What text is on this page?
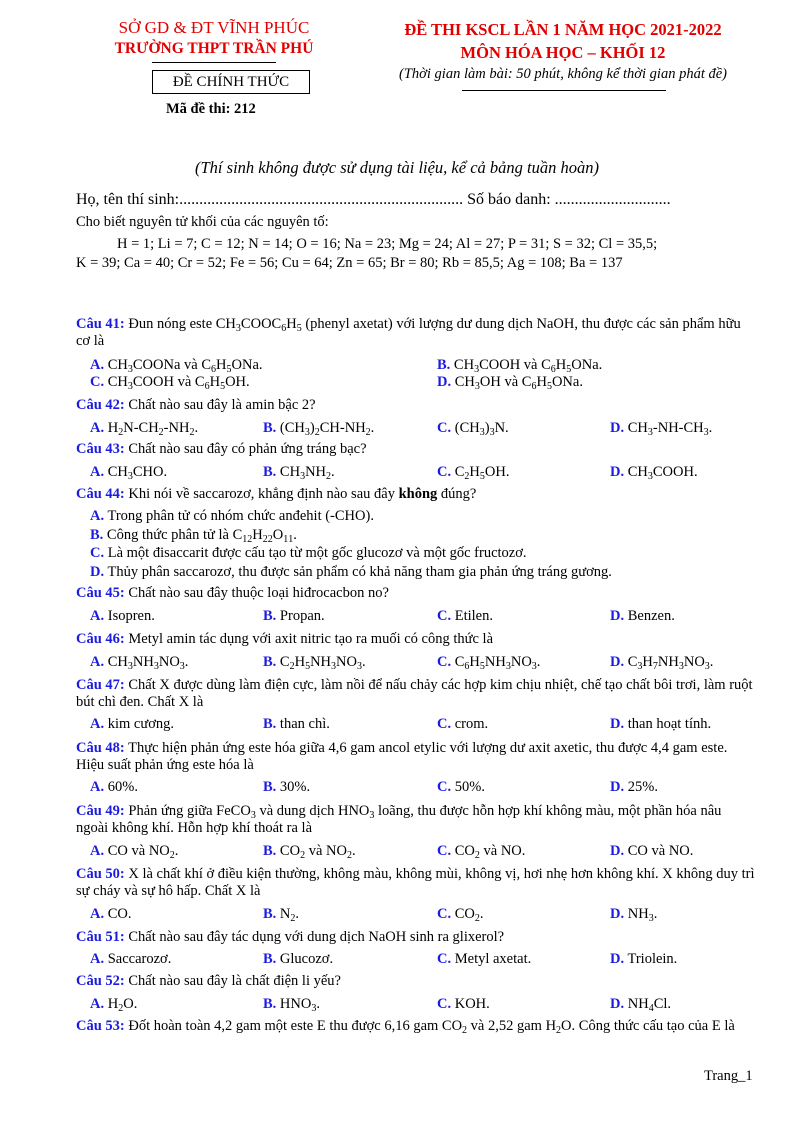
SỞ GD & ĐT VĨNH PHÚC
TRƯỜNG THPT TRẦN PHÚ
ĐỀ CHÍNH THỨC
Mã đề thi: 212
ĐỀ THI KSCL LẦN 1 NĂM HỌC 2021-2022
MÔN HÓA HỌC – KHỐI 12
(Thời gian làm bài: 50 phút, không kể thời gian phát đề)
(Thí sinh không được sử dụng tài liệu, kể cả bảng tuần hoàn)
Họ, tên thí sinh:....................................................................... Số báo danh: .............................
Cho biết nguyên tử khối của các nguyên tố:
H = 1; Li = 7; C = 12; N = 14; O = 16; Na = 23; Mg = 24; Al = 27; P = 31; S = 32; Cl = 35,5;
K = 39; Ca = 40; Cr = 52; Fe = 56; Cu = 64; Zn = 65; Br = 80; Rb = 85,5; Ag = 108; Ba = 137
Câu 41: Đun nóng este $CH_3COOC_6H_5$ (phenyl axetat) với lượng dư dung dịch NaOH, thu được các sản phẩm hữu cơ là
A. $CH_3COONa$ và $C_6H_5ONa$.	B. $CH_3COOH$ và $C_6H_5ONa$.
C. $CH_3COOH$ và $C_6H_5OH$.	D. $CH_3OH$ và $C_6H_5ONa$.
Câu 42: Chất nào sau đây là amin bậc 2?
A. $H_2N-CH_2-NH_2$.	B. $(CH_3)_2CH-NH_2$.	C. $(CH_3)_3N$.	D. $CH_3-NH-CH_3$.
Câu 43: Chất nào sau đây có phản ứng tráng bạc?
A. $CH_3CHO$.	B. $CH_3NH_2$.	C. $C_2H_5OH$.	D. $CH_3COOH$.
Câu 44: Khi nói về saccarozơ, khẳng định nào sau đây không đúng?
A. Trong phân tử có nhóm chức anđehit (-CHO).
B. Công thức phân tử là $C_{12}H_{22}O_{11}$.
C. Là một đisaccarit được cấu tạo từ một gốc glucozơ và một gốc fructozơ.
D. Thủy phân saccarozơ, thu được sản phẩm có khả năng tham gia phản ứng tráng gương.
Câu 45: Chất nào sau đây thuộc loại hiđrocacbon no?
A. Isopren.	B. Propan.	C. Etilen.	D. Benzen.
Câu 46: Metyl amin tác dụng với axit nitric tạo ra muối có công thức là
A. $CH_3NH_3NO_3$.	B. $C_2H_5NH_3NO_3$.	C. $C_6H_5NH_3NO_3$.	D. $C_3H_7NH_3NO_3$.
Câu 47: Chất X được dùng làm điện cực, làm nồi để nấu chảy các hợp kim chịu nhiệt, chế tạo chất bôi trơi, làm ruột bút chì đen. Chất X là
A. kim cương.	B. than chì.	C. crom.	D. than hoạt tính.
Câu 48: Thực hiện phản ứng este hóa giữa 4,6 gam ancol etylic với lượng dư axit axetic, thu được 4,4 gam este. Hiệu suất phản ứng este hóa là
A. 60%.	B. 30%.	C. 50%.	D. 25%.
Câu 49: Phản ứng giữa FeCO$_3$ và dung dịch $HNO_3$ loãng, thu được hỗn hợp khí không màu, một phần hóa nâu ngoài không khí. Hỗn hợp khí thoát ra là
A. CO và $NO_2$.	B. $CO_2$ và $NO_2$.	C. $CO_2$ và NO.	D. CO và NO.
Câu 50: X là chất khí ở điều kiện thường, không màu, không mùi, không vị, hơi nhẹ hơn không khí. X không duy trì sự cháy và sự hô hấp. Chất X là
A. CO.	B. $N_2$.	C. $CO_2$.	D. $NH_3$.
Câu 51: Chất nào sau đây tác dụng với dung dịch NaOH sinh ra glixerol?
A. Saccarozơ.	B. Glucozơ.	C. Metyl axetat.	D. Triolein.
Câu 52: Chất nào sau đây là chất điện li yếu?
A. $H_2O$.	B. $HNO_3$.	C. KOH.	D. $NH_4Cl$.
Câu 53: Đốt hoàn toàn 4,2 gam một este E thu được 6,16 gam $CO_2$ và 2,52 gam $H_2O$. Công thức cấu tạo của E là
Trang_1
